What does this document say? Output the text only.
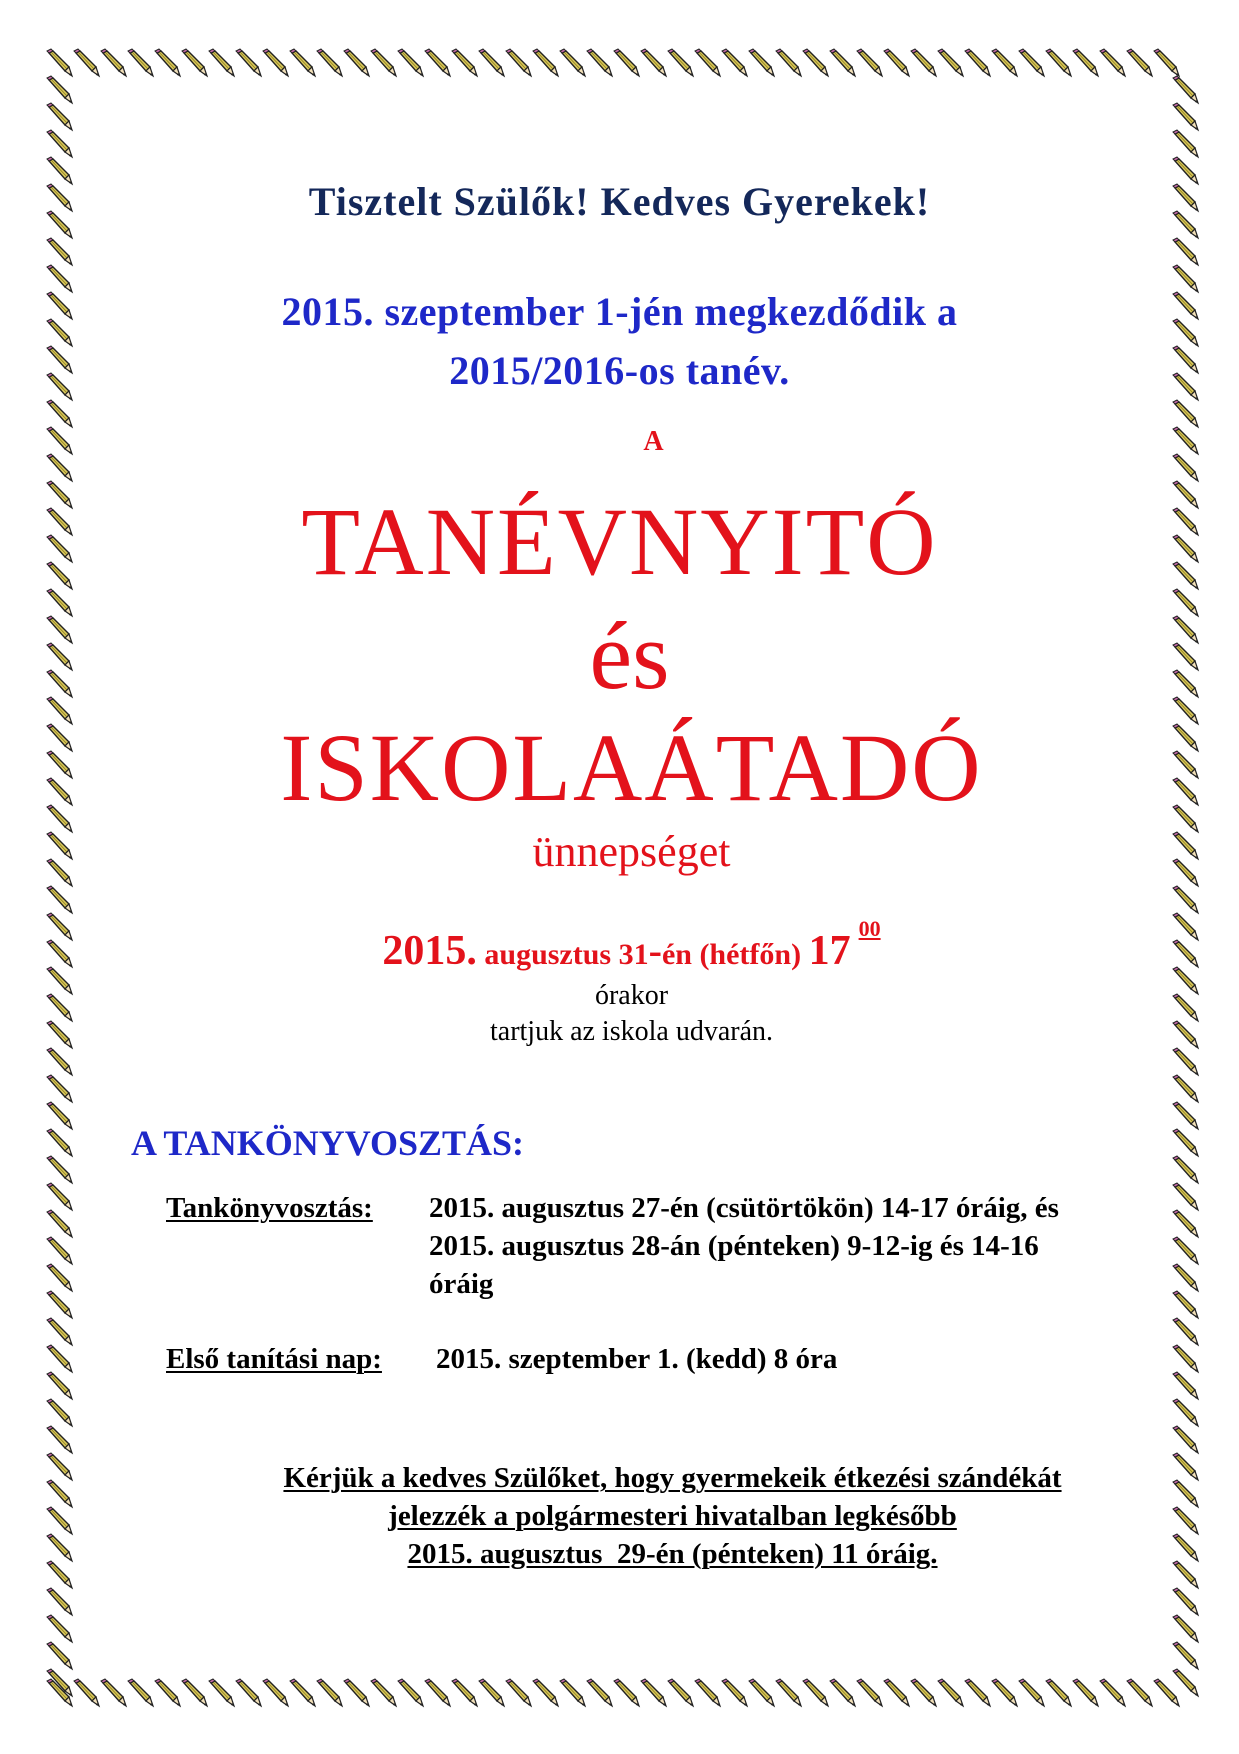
Tisztelt Szülők! Kedves Gyerekek!

2015. szeptember 1-jén megkezdődik a

2015/2016-os tanév.

A

TANÉVNYITÓ

és

ISKOLAÁTADÓ

ünnepséget

2015. augusztus 31-én (hétfőn) 17 $^{00}$

órakor

tartjuk az iskola udvarán.

A TANKÖNYVOSZTÁS:

Tankönyvosztás: 2015. augusztus 27-én (csütörtökön) 14-17 óráig, és

2015. augusztus 28-án (pénteken) 9-12-ig és 14-16

óráig

Első tanítási nap: 2015. szeptember 1. (kedd) 8 óra

Kérjük a kedves Szülőket, hogy gyermekeik étkezési szándékát

jelezzék a polgármesteri hivatalban legkésőbb

2015. augusztus  29-én (pénteken) 11 óráig.
